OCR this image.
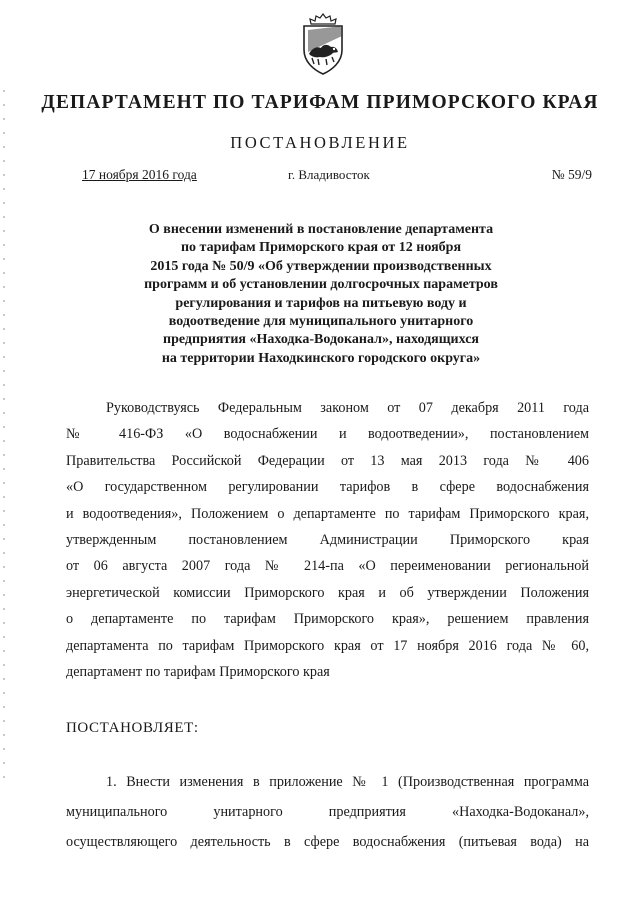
ДЕПАРТАМЕНТ ПО ТАРИФАМ ПРИМОРСКОГО КРАЯ
ПОСТАНОВЛЕНИЕ
17 ноября 2016 года	г. Владивосток	№ 59/9
О внесении изменений в постановление департамента
по тарифам Приморского края от 12 ноября
2015 года № 50/9 «Об утверждении производственных
программ и об установлении долгосрочных параметров
регулирования и тарифов на питьевую воду и
водоотведение для муниципального унитарного
предприятия «Находка-Водоканал», находящихся
на территории Находкинского городского округа»
Руководствуясь Федеральным законом от 07 декабря 2011 года
№ 416-ФЗ «О водоснабжении и водоотведении», постановлением
Правительства Российской Федерации от 13 мая 2013 года № 406
«О государственном регулировании тарифов в сфере водоснабжения
и водоотведения», Положением о департаменте по тарифам Приморского края,
утвержденным постановлением Администрации Приморского края
от 06 августа 2007 года № 214-па «О переименовании региональной
энергетической комиссии Приморского края и об утверждении Положения
о департаменте по тарифам Приморского края», решением правления
департамента по тарифам Приморского края от 17 ноября 2016 года № 60,
департамент по тарифам Приморского края
ПОСТАНОВЛЯЕТ:
1. Внести изменения в приложение № 1 (Производственная программа
муниципального унитарного предприятия «Находка-Водоканал»,
осуществляющего деятельность в сфере водоснабжения (питьевая вода) на
